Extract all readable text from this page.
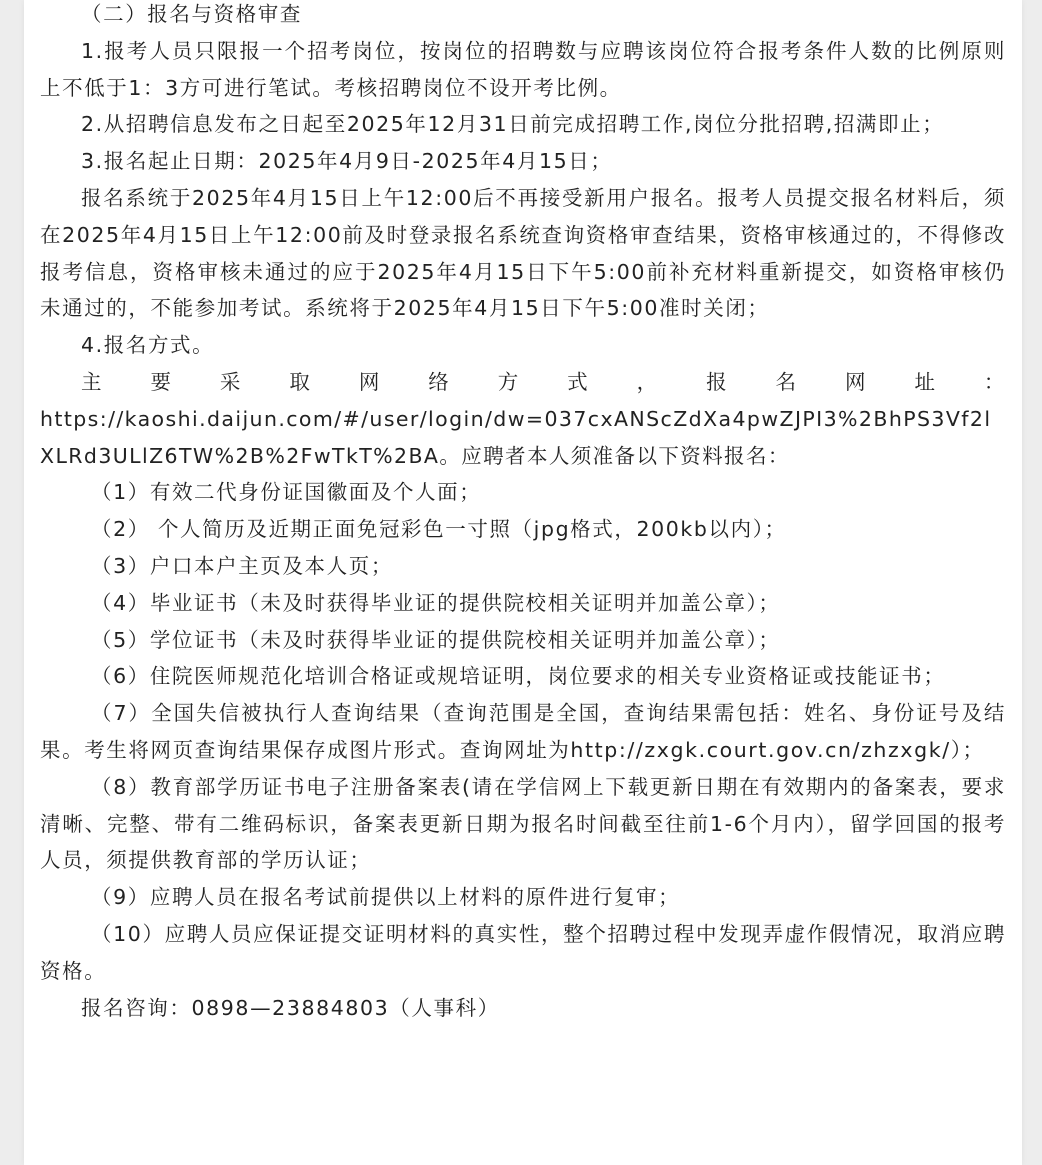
（二）报名与资格审查

1.报考人员只限报一个招考岗位，按岗位的招聘数与应聘该岗位符合报考条件人数的比例原则上不低于1：3方可进行笔试。考核招聘岗位不设开考比例。

2.从招聘信息发布之日起至2025年12月31日前完成招聘工作,岗位分批招聘,招满即止；

3.报名起止日期：2025年4月9日-2025年4月15日；

报名系统于2025年4月15日上午12:00后不再接受新用户报名。报考人员提交报名材料后，须在2025年4月15日上午12:00前及时登录报名系统查询资格审查结果，资格审核通过的，不得修改报考信息，资格审核未通过的应于2025年4月15日下午5:00前补充材料重新提交，如资格审核仍未通过的，不能参加考试。系统将于2025年4月15日下午5:00准时关闭；

4.报名方式。

主 要 采 取 网 络 方 式 ， 报 名 网 址 ：

https://kaoshi.daijun.com/#/user/login/dw=037cxANScZdXa4pwZJPI3%2BhPS3Vf2lXLRd3ULlZ6TW%2B%2FwTkT%2BA。应聘者本人须准备以下资料报名：

（1）有效二代身份证国徽面及个人面；

（2） 个人简历及近期正面免冠彩色一寸照（jpg格式，200kb以内）；

（3）户口本户主页及本人页；

（4）毕业证书（未及时获得毕业证的提供院校相关证明并加盖公章）；

（5）学位证书（未及时获得毕业证的提供院校相关证明并加盖公章）；

（6）住院医师规范化培训合格证或规培证明，岗位要求的相关专业资格证或技能证书；

（7）全国失信被执行人查询结果（查询范围是全国，查询结果需包括：姓名、身份证号及结果。考生将网页查询结果保存成图片形式。查询网址为http://zxgk.court.gov.cn/zhzxgk/）；

（8）教育部学历证书电子注册备案表(请在学信网上下载更新日期在有效期内的备案表，要求清晰、完整、带有二维码标识，备案表更新日期为报名时间截至往前1-6个月内），留学回国的报考人员，须提供教育部的学历认证；

（9）应聘人员在报名考试前提供以上材料的原件进行复审；

（10）应聘人员应保证提交证明材料的真实性，整个招聘过程中发现弄虚作假情况，取消应聘资格。

报名咨询：0898—23884803（人事科）
